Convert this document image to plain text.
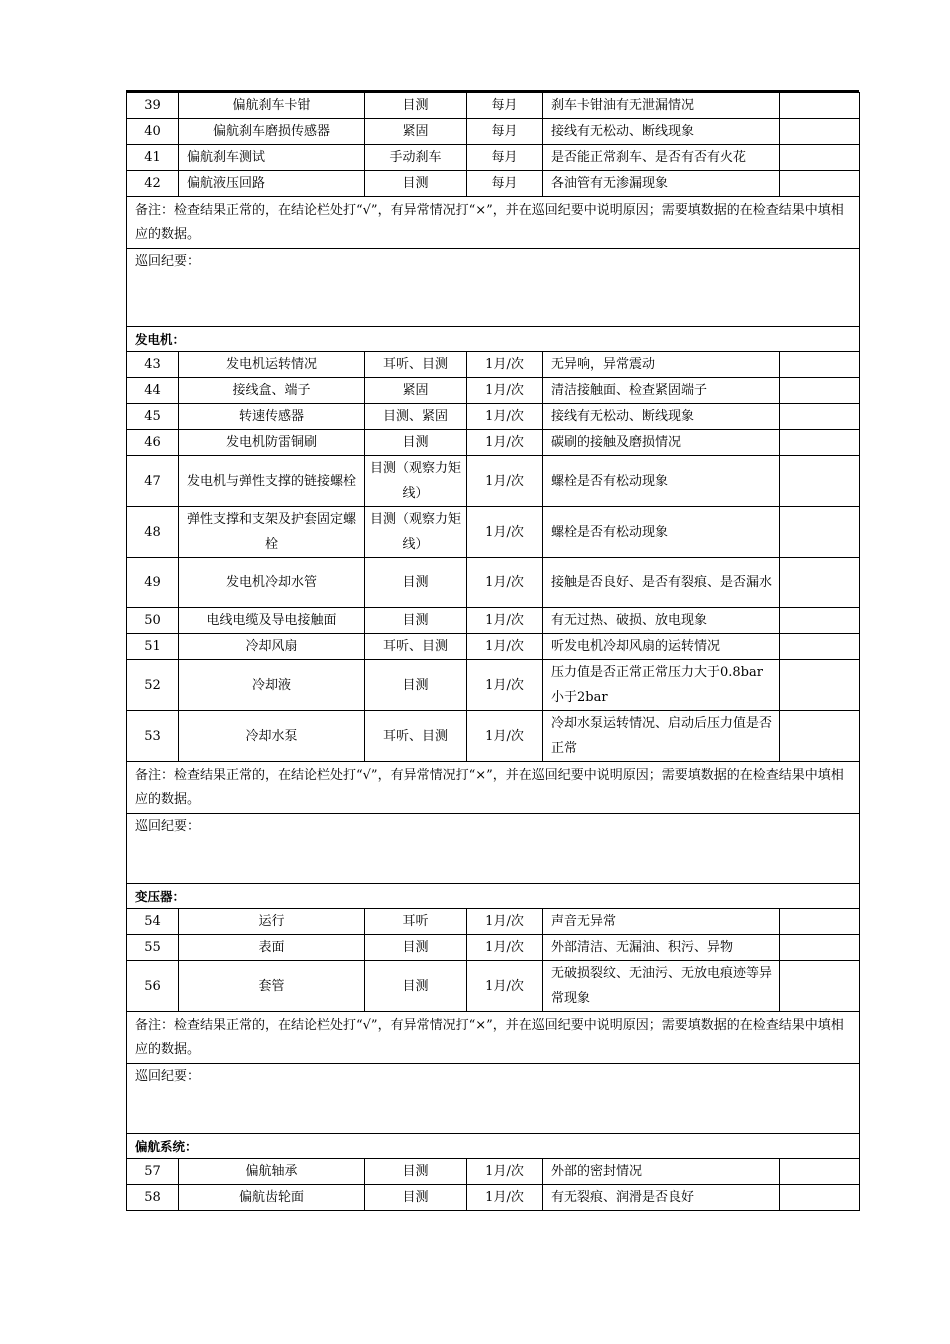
39	偏航刹车卡钳	目测	每月	刹车卡钳油有无泄漏情况	
40	偏航刹车磨损传感器	紧固	每月	接线有无松动、断线现象	
41	偏航刹车测试	手动刹车	每月	是否能正常刹车、是否有否有火花	
42	偏航液压回路	目测	每月	各油管有无渗漏现象	
备注：检查结果正常的，在结论栏处打“√”，有异常情况打“×”，并在巡回纪要中说明原因；需要填数据的在检查结果中填相应的数据。					
巡回纪要：					
发电机：					
43	发电机运转情况	耳听、目测	1月/次	无异响，异常震动	
44	接线盒、端子	紧固	1月/次	清洁接触面、检查紧固端子	
45	转速传感器	目测、紧固	1月/次	接线有无松动、断线现象	
46	发电机防雷铜刷	目测	1月/次	碳刷的接触及磨损情况	
47	发电机与弹性支撑的链接螺栓	目测（观察力矩线）	1月/次	螺栓是否有松动现象	
48	弹性支撑和支架及护套固定螺栓	目测（观察力矩线）	1月/次	螺栓是否有松动现象	
49	发电机冷却水管	目测	1月/次	接触是否良好、是否有裂痕、是否漏水	
50	电线电缆及导电接触面	目测	1月/次	有无过热、破损、放电现象	
51	冷却风扇	耳听、目测	1月/次	听发电机冷却风扇的运转情况	
52	冷却液	目测	1月/次	压力值是否正常正常压力大于0.8bar小于2bar	
53	冷却水泵	耳听、目测	1月/次	冷却水泵运转情况、启动后压力值是否正常	
备注：检查结果正常的，在结论栏处打“√”，有异常情况打“×”，并在巡回纪要中说明原因；需要填数据的在检查结果中填相应的数据。					
巡回纪要：					
变压器：					
54	运行	耳听	1月/次	声音无异常	
55	表面	目测	1月/次	外部清洁、无漏油、积污、异物	
56	套管	目测	1月/次	无破损裂纹、无油污、无放电痕迹等异常现象	
备注：检查结果正常的，在结论栏处打“√”，有异常情况打“×”，并在巡回纪要中说明原因；需要填数据的在检查结果中填相应的数据。					
巡回纪要：					
偏航系统：					
57	偏航轴承	目测	1月/次	外部的密封情况	
58	偏航齿轮面	目测	1月/次	有无裂痕、润滑是否良好	
